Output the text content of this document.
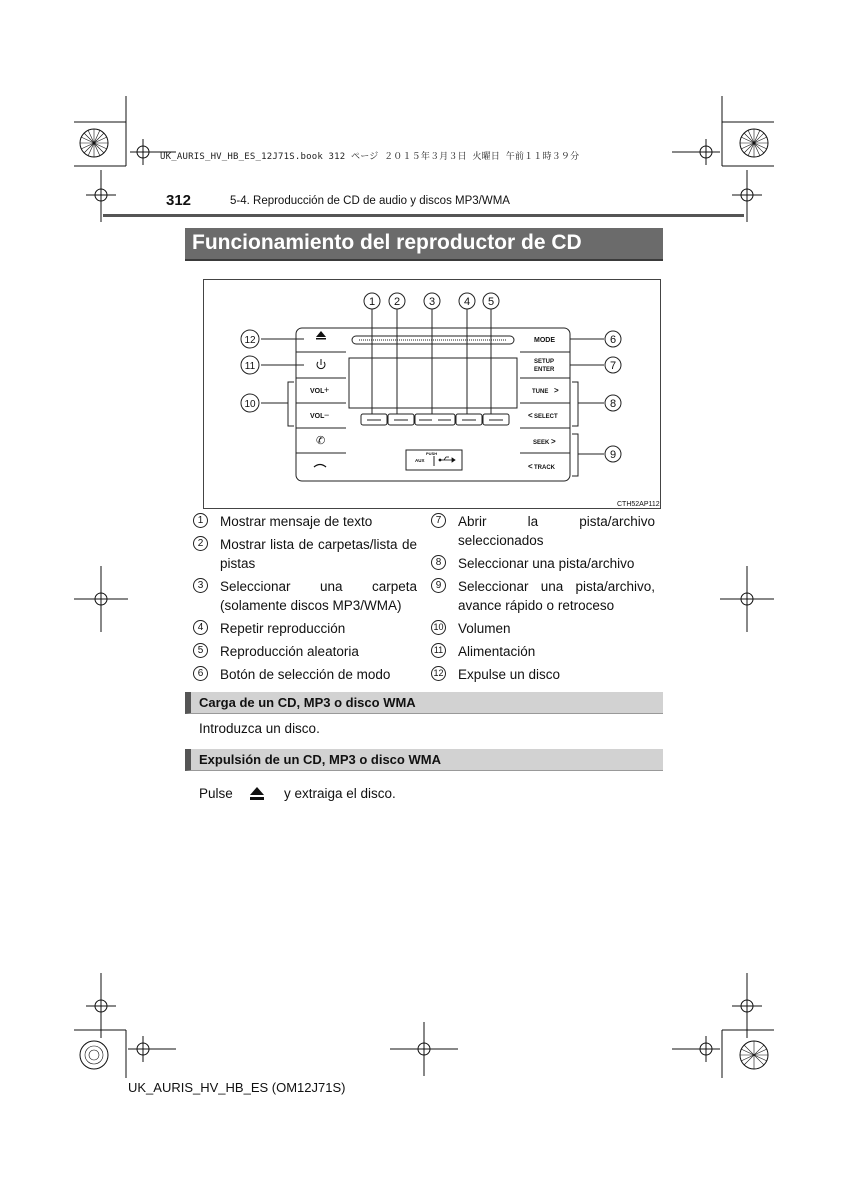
UK_AURIS_HV_HB_ES_12J71S.book 312 ページ ２０１５年３月３日 火曜日 午前１１時３９分
312	5-4. Reproducción de CD de audio y discos MP3/WMA
Funcionamiento del reproductor de CD
1 2	3	4 5
6
7
8
9
10
11
12
VOL +
VOL −
✆
MODE
SETUP
ENTER
TUNE >
< SELECT
SEEK >
< TRACK
PUSH
AUX
CTH52AP112
1	Mostrar mensaje de texto
2	Mostrar lista de carpetas/lista de pistas
3	Seleccionar una carpeta (solamente discos MP3/WMA)
4	Repetir reproducción
5	Reproducción aleatoria
6	Botón de selección de modo
7	Abrir la pista/archivo seleccionados
8	Seleccionar una pista/archivo
9	Seleccionar una pista/archivo, avance rápido o retroceso
10 Volumen
11 Alimentación
12 Expulse un disco
Carga de un CD, MP3 o disco WMA
Introduzca un disco.
Expulsión de un CD, MP3 o disco WMA
Pulse	y extraiga el disco.
UK_AURIS_HV_HB_ES (OM12J71S)
